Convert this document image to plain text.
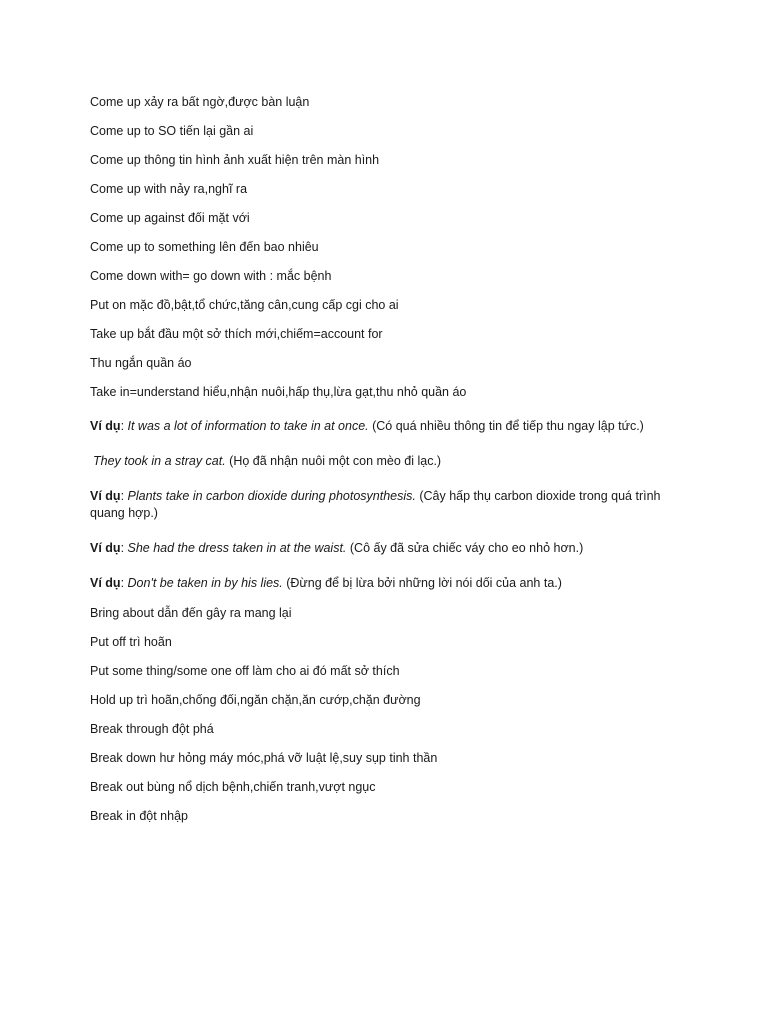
Come up xảy ra bất ngờ,được bàn luận
Come up to SO tiến lại gần ai
Come up thông tin hình ảnh xuất hiện trên màn hình
Come up with nảy ra,nghĩ ra
Come up against đối mặt với
Come up to something lên đến bao nhiêu
Come down with= go down with : mắc bệnh
Put on mặc đồ,bật,tổ chức,tăng cân,cung cấp cgi cho ai
Take up bắt đầu một sở thích mới,chiếm=account for
Thu ngắn quần áo
Take in=understand hiểu,nhận nuôi,hấp thụ,lừa gạt,thu nhỏ quần áo
Ví dụ: It was a lot of information to take in at once. (Có quá nhiều thông tin để tiếp thu ngay lập tức.)
They took in a stray cat. (Họ đã nhận nuôi một con mèo đi lạc.)
Ví dụ: Plants take in carbon dioxide during photosynthesis. (Cây hấp thụ carbon dioxide trong quá trình quang hợp.)
Ví dụ: She had the dress taken in at the waist. (Cô ấy đã sửa chiếc váy cho eo nhỏ hơn.)
Ví dụ: Don't be taken in by his lies. (Đừng để bị lừa bởi những lời nói dối của anh ta.)
Bring about dẫn đến gây ra mang lại
Put off trì hoãn
Put some thing/some one off làm cho ai đó mất sở thích
Hold up trì hoãn,chống đối,ngăn chặn,ăn cướp,chặn đường
Break through đột phá
Break down hư hỏng máy móc,phá vỡ luật lệ,suy sụp tinh thần
Break out bùng nổ dịch bệnh,chiến tranh,vượt ngục
Break in đột nhập
